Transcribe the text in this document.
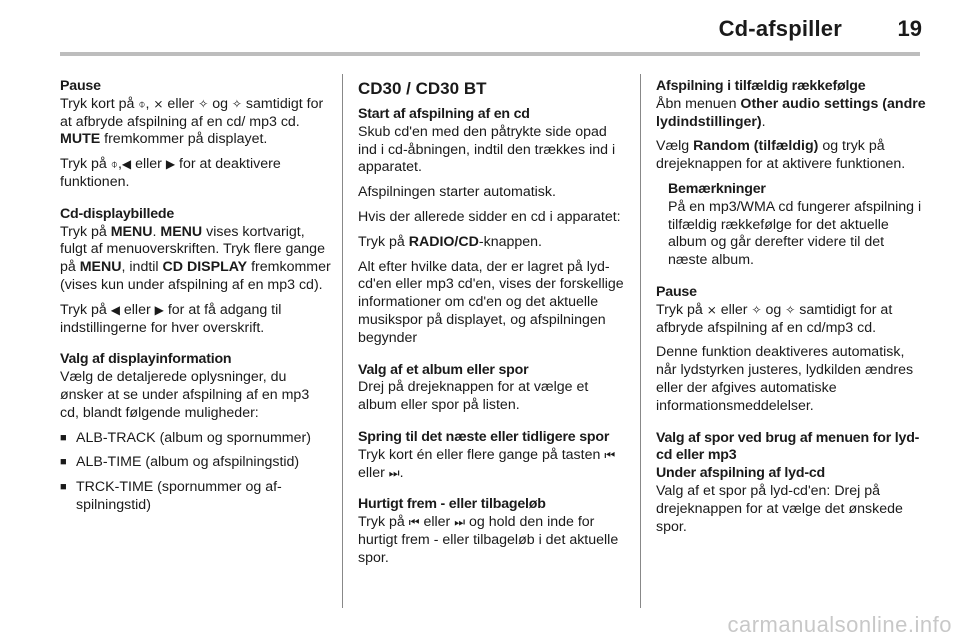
Cd-afspiller	19
Pause

Tryk kort på ⌽, ⨯ eller ✧ og ✧ samtidigt for at afbryde afspilning af en cd/ mp3 cd. MUTE fremkommer på displayet.

Tryk på ⌽,◀ eller ▶ for at deaktivere funktionen.

Cd-displaybillede

Tryk på MENU. MENU vises kortvarigt, fulgt af menuoverskriften. Tryk flere gange på MENU, indtil CD DISPLAY fremkommer (vises kun under afspilning af en mp3 cd).

Tryk på ◀ eller ▶ for at få adgang til indstillingerne for hver overskrift.

Valg af displayinformation

Vælg de detaljerede oplysninger, du ønsker at se under afspilning af en mp3 cd, blandt følgende muligheder:

■ ALB-TRACK (album og spornummer)
■ ALB-TIME (album og afspilningstid)
■ TRCK-TIME (spornummer og afspilningstid)
CD30 / CD30 BT
Start af afspilning af en cd

Skub cd'en med den påtrykte side opad ind i cd-åbningen, indtil den trækkes ind i apparatet.

Afspilningen starter automatisk.

Hvis der allerede sidder en cd i apparatet:

Tryk på RADIO/CD-knappen.

Alt efter hvilke data, der er lagret på lyd-cd'en eller mp3 cd'en, vises der forskellige informationer om cd'en og det aktuelle musikspor på displayet, og afspilningen begynder

Valg af et album eller spor

Drej på drejeknappen for at vælge et album eller spor på listen.

Spring til det næste eller tidligere spor

Tryk kort én eller flere gange på tasten ⏮ eller ⏭.

Hurtigt frem - eller tilbageløb

Tryk på ⏮ eller ⏭ og hold den inde for hurtigt frem - eller tilbageløb i det aktuelle spor.

Afspilning i tilfældig rækkefølge

Åbn menuen Other audio settings (andre lydindstillinger).

Vælg Random (tilfældig) og tryk på drejeknappen for at aktivere funktionen.

Bemærkninger

På en mp3/WMA cd fungerer afspilning i tilfældig rækkefølge for det aktuelle album og går derefter videre til det næste album.

Pause

Tryk på ⨯ eller ✧ og ✧ samtidigt for at afbryde afspilning af en cd/mp3 cd.

Denne funktion deaktiveres automatisk, når lydstyrken justeres, lydkilden ændres eller der afgives automatiske informationsmeddelelser.

Valg af spor ved brug af menuen for lyd-cd eller mp3
Under afspilning af lyd-cd

Valg af et spor på lyd-cd'en: Drej på drejeknappen for at vælge det ønskede spor.

carmanualsonline.info
